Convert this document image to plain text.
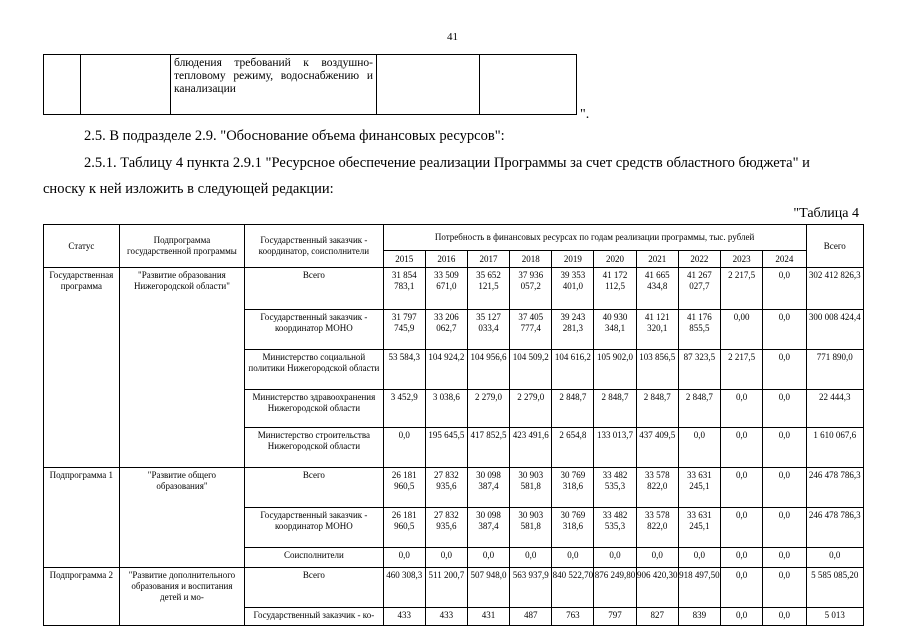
41
		блюдения требований к воздушно-тепловому режиму, водоснабжению и канализации		
".
2.5. В подразделе 2.9. "Обоснование объема финансовых ресурсов":
2.5.1. Таблицу 4 пункта 2.9.1 "Ресурсное обеспечение реализации Программы за счет средств областного бюджета" и
сноску к ней изложить в следующей редакции:
"Таблица 4
Статус	Подпрограмма государственной программы	Государственный заказчик - координатор, соисполнители	Потребность в финансовых ресурсах по годам реализации программы, тыс. рублей										Всего
			2015	2016	2017	2018	2019	2020	2021	2022	2023	2024	
Государственная программа	"Развитие образования Нижегородской области"	Всего	31 854 783,1	33 509 671,0	35 652 121,5	37 936 057,2	39 353 401,0	41 172 112,5	41 665 434,8	41 267 027,7	2 217,5	0,0	302 412 826,3
		Государственный заказчик - координатор МОНО	31 797 745,9	33 206 062,7	35 127 033,4	37 405 777,4	39 243 281,3	40 930 348,1	41 121 320,1	41 176 855,5	0,00	0,0	300 008 424,4
		Министерство социальной политики Нижегородской области	53 584,3	104 924,2	104 956,6	104 509,2	104 616,2	105 902,0	103 856,5	87 323,5	2 217,5	0,0	771 890,0
		Министерство здравоохранения Нижегородской области	3 452,9	3 038,6	2 279,0	2 279,0	2 848,7	2 848,7	2 848,7	2 848,7	0,0	0,0	22 444,3
		Министерство строительства Нижегородской области	0,0	195 645,5	417 852,5	423 491,6	2 654,8	133 013,7	437 409,5	0,0	0,0	0,0	1 610 067,6
Подпрограмма 1	"Развитие общего образования"	Всего	26 181 960,5	27 832 935,6	30 098 387,4	30 903 581,8	30 769 318,6	33 482 535,3	33 578 822,0	33 631 245,1	0,0	0,0	246 478 786,3
		Государственный заказчик - координатор МОНО	26 181 960,5	27 832 935,6	30 098 387,4	30 903 581,8	30 769 318,6	33 482 535,3	33 578 822,0	33 631 245,1	0,0	0,0	246 478 786,3
		Соисполнители	0,0	0,0	0,0	0,0	0,0	0,0	0,0	0,0	0,0	0,0	0,0
Подпрограмма 2	"Развитие дополнительного образования и воспитания детей и мо-	Всего	460 308,3	511 200,7	507 948,0	563 937,9	840 522,70	876 249,80	906 420,30	918 497,50	0,0	0,0	5 585 085,20
		Государственный заказчик - ко-	433	433	431	487	763	797	827	839	0,0	0,0	5 013
